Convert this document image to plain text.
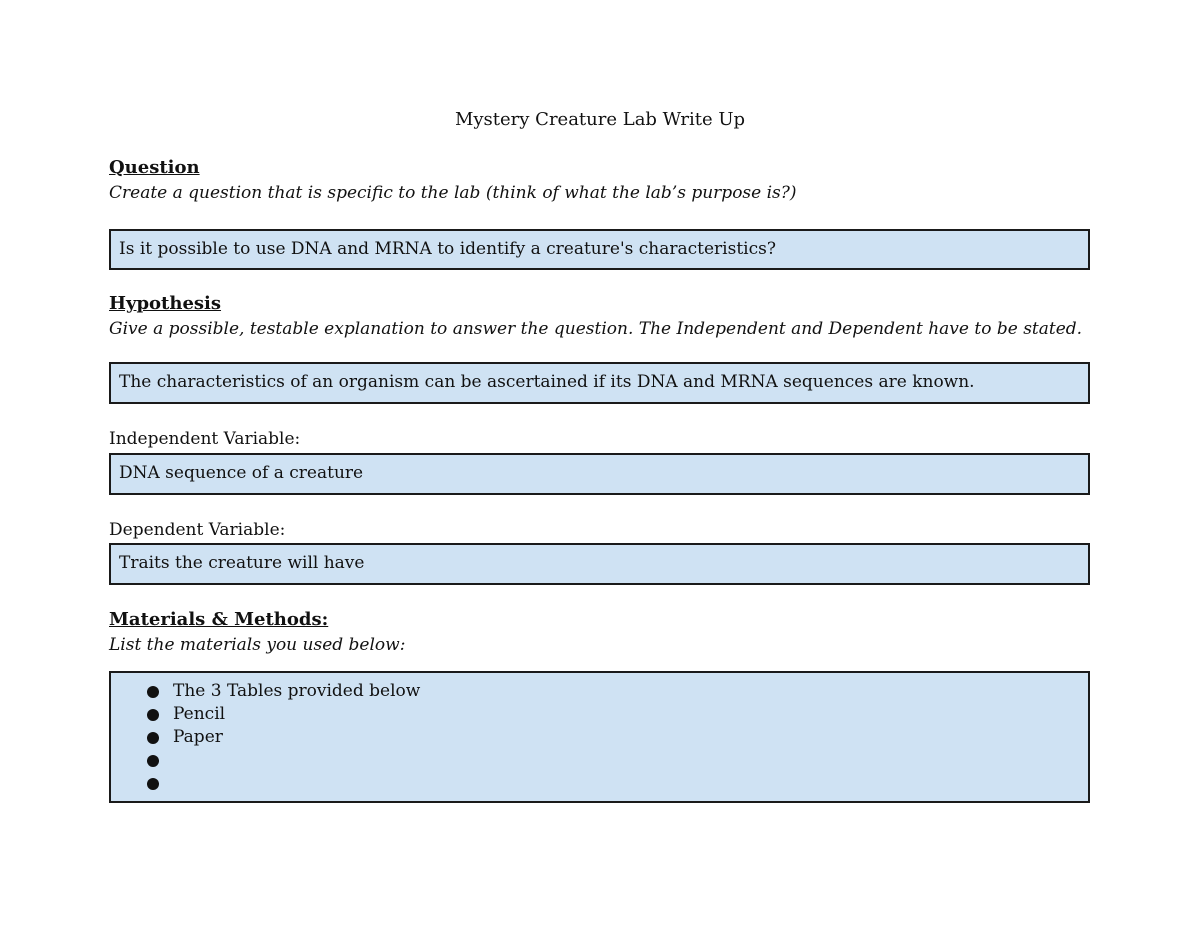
Mystery Creature Lab Write Up
Question
Create a question that is specific to the lab (think of what the lab’s purpose is?)
Is it possible to use DNA and MRNA to identify a creature's characteristics?
Hypothesis
Give a possible, testable explanation to answer the question. The Independent and Dependent have to be stated.
The characteristics of an organism can be ascertained if its DNA and MRNA sequences are known.
Independent Variable:
DNA sequence of a creature
Dependent Variable:
Traits the creature will have
Materials & Methods:
List the materials you used below:
The 3 Tables provided below
Pencil
Paper
